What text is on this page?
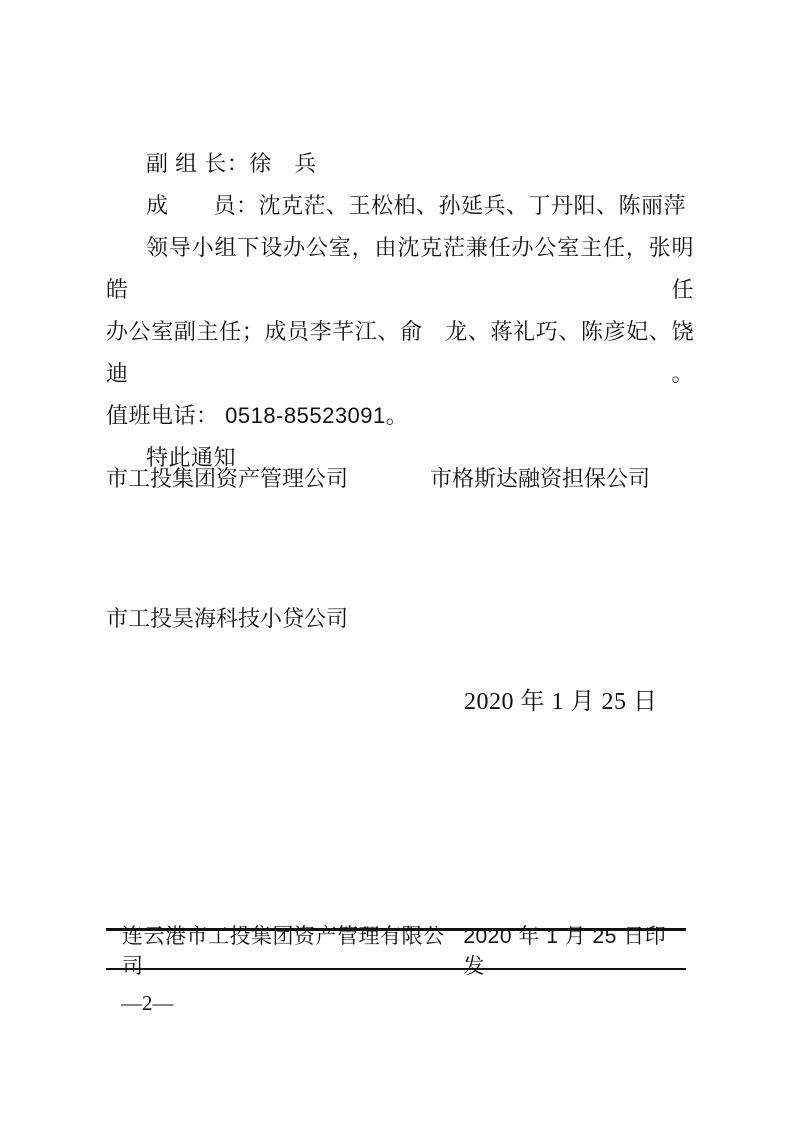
副 组 长：徐　兵
成　　员：沈克茫、王松柏、孙延兵、丁丹阳、陈丽萍
领导小组下设办公室，由沈克茫兼任办公室主任，张明皓任
办公室副主任；成员李芊江、俞　龙、蒋礼巧、陈彦妃、饶　迪。
值班电话： 0518-85523091。
特此通知
市工投集团资产管理公司	市格斯达融资担保公司
市工投昊海科技小贷公司
2020 年 1 月 25 日
连云港市工投集团资产管理有限公司
2020 年 1 月 25 日印发
—2—
